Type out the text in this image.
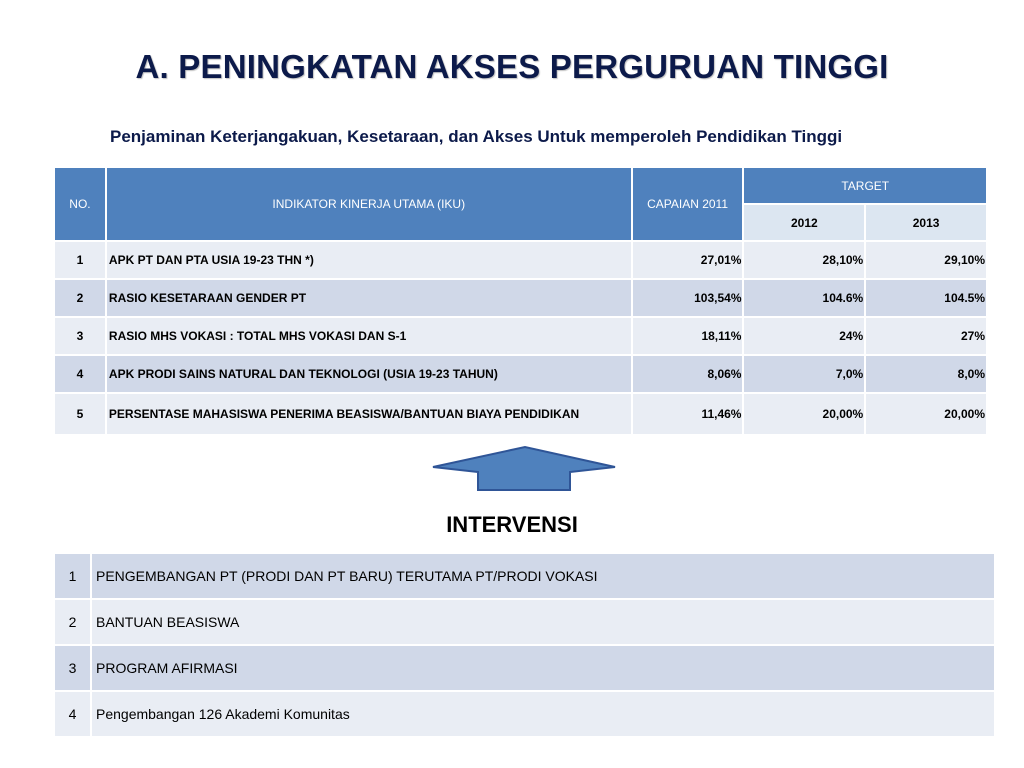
A. PENINGKATAN AKSES PERGURUAN TINGGI
Penjaminan Keterjangakuan, Kesetaraan, dan Akses Untuk memperoleh Pendidikan Tinggi
NO.	INDIKATOR KINERJA UTAMA (IKU)	CAPAIAN 2011	TARGET	
			2012	2013
1	APK PT DAN PTA USIA 19-23 THN *)	27,01%	28,10%	29,10%
2	RASIO KESETARAAN GENDER PT	103,54%	104.6%	104.5%
3	RASIO MHS VOKASI : TOTAL MHS VOKASI DAN S-1	18,11%	24%	27%
4	APK PRODI SAINS NATURAL DAN TEKNOLOGI (USIA 19-23 TAHUN)	8,06%	7,0%	8,0%
5	PERSENTASE MAHASISWA PENERIMA BEASISWA/BANTUAN BIAYA PENDIDIKAN	11,46%	20,00%	20,00%
INTERVENSI
1	PENGEMBANGAN PT (PRODI DAN PT BARU) TERUTAMA PT/PRODI VOKASI
2	BANTUAN BEASISWA
3	PROGRAM AFIRMASI
4	Pengembangan 126 Akademi Komunitas
